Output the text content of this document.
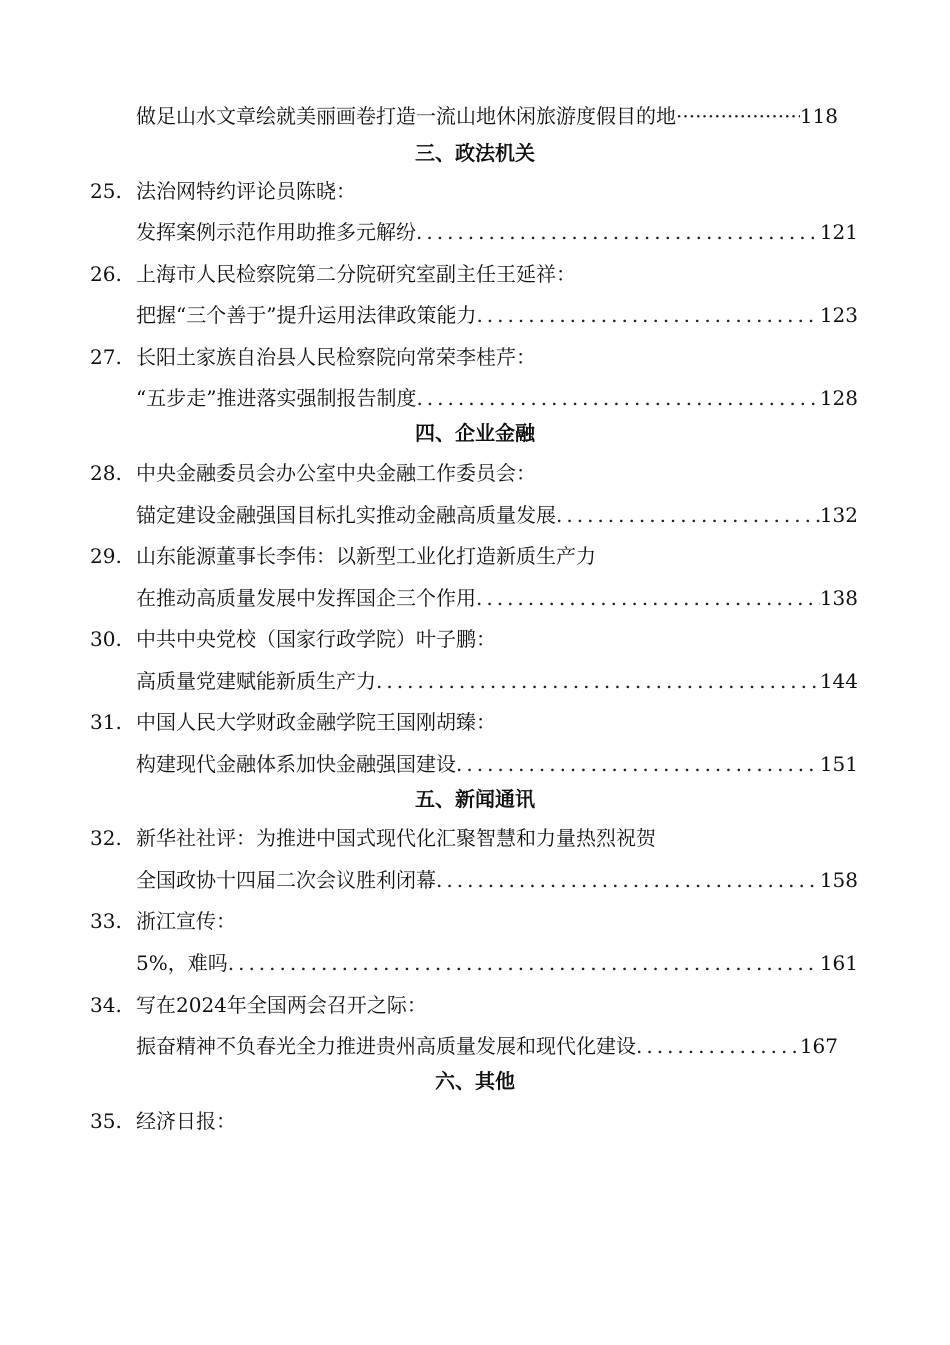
做足山水文章绘就美丽画卷打造一流山地休闲旅游度假目的地 ·····	118
三、政法机关
25. 法治网特约评论员陈晓：
发挥案例示范作用助推多元解纷 .....	121
26. 上海市人民检察院第二分院研究室副主任王延祥：
把握“三个善于”提升运用法律政策能力 .....	123
27. 长阳土家族自治县人民检察院向常荣李桂芹：
“五步走”推进落实强制报告制度 .....	128
四、企业金融
28. 中央金融委员会办公室中央金融工作委员会：
锚定建设金融强国目标扎实推动金融高质量发展 .....	132
29. 山东能源董事长李伟：以新型工业化打造新质生产力
在推动高质量发展中发挥国企三个作用 .....	138
30. 中共中央党校（国家行政学院）叶子鹏：
高质量党建赋能新质生产力 .....	144
31. 中国人民大学财政金融学院王国刚胡臻：
构建现代金融体系加快金融强国建设 .....	151
五、新闻通讯
32. 新华社社评：为推进中国式现代化汇聚智慧和力量热烈祝贺
全国政协十四届二次会议胜利闭幕 .....	158
33. 浙江宣传：
5%，难吗 .....	161
34. 写在2024年全国两会召开之际：
振奋精神不负春光全力推进贵州高质量发展和现代化建设 .....	167
六、其他
35. 经济日报：
